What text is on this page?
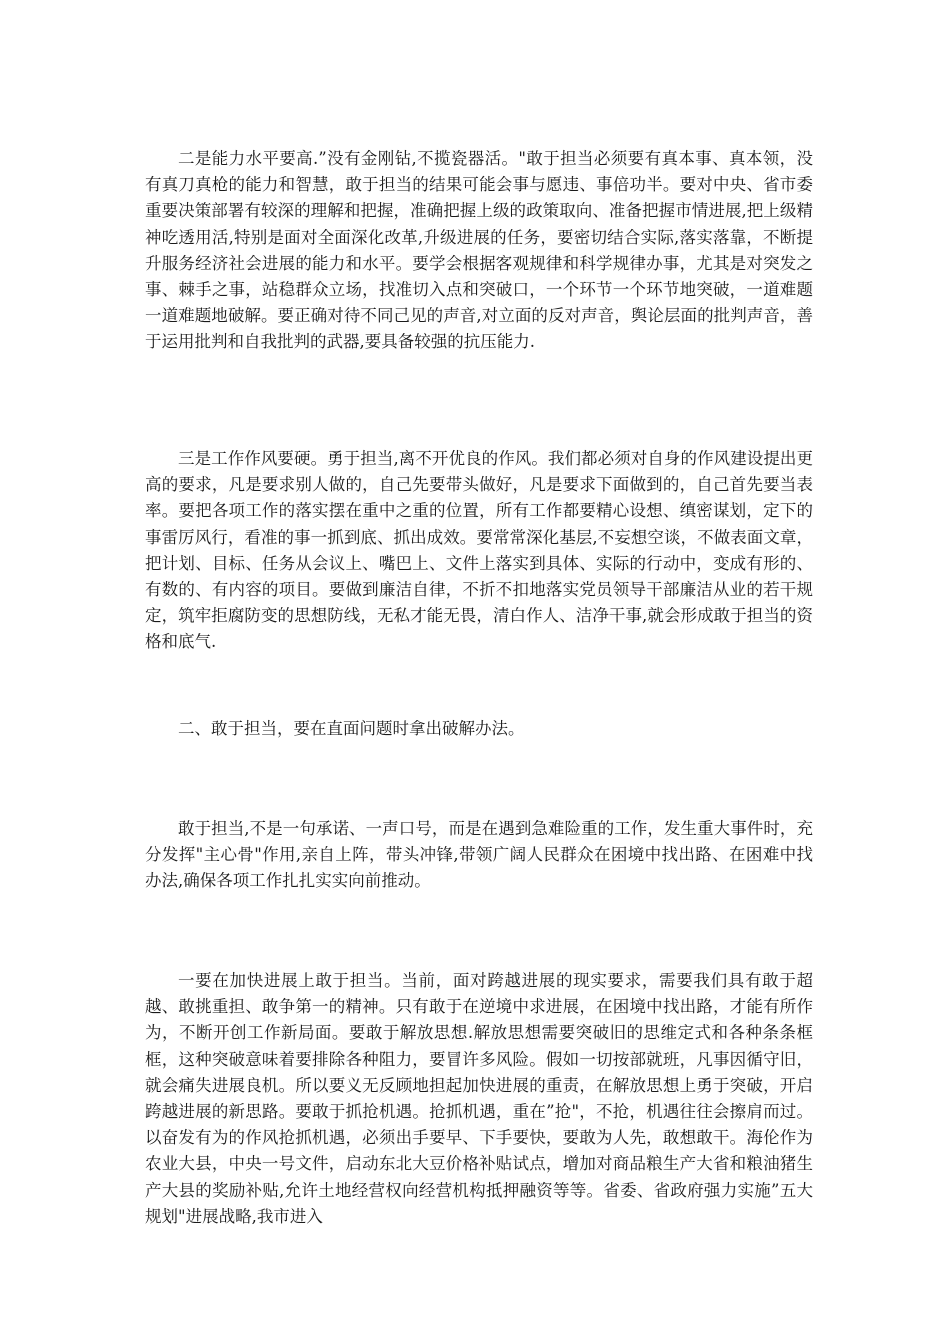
二是能力水平要高.”没有金刚钻,不揽瓷器活。"敢于担当必须要有真本事、真本领，没有真刀真枪的能力和智慧，敢于担当的结果可能会事与愿违、事倍功半。要对中央、省市委重要决策部署有较深的理解和把握，准确把握上级的政策取向、准备把握市情进展,把上级精神吃透用活,特别是面对全面深化改革,升级进展的任务，要密切结合实际,落实落靠，不断提升服务经济社会进展的能力和水平。要学会根据客观规律和科学规律办事，尤其是对突发之事、棘手之事，站稳群众立场，找准切入点和突破口，一个环节一个环节地突破，一道难题一道难题地破解。要正确对待不同己见的声音,对立面的反对声音，舆论层面的批判声音，善于运用批判和自我批判的武器,要具备较强的抗压能力.

三是工作作风要硬。勇于担当,离不开优良的作风。我们都必须对自身的作风建设提出更高的要求，凡是要求别人做的，自己先要带头做好，凡是要求下面做到的，自己首先要当表率。要把各项工作的落实摆在重中之重的位置，所有工作都要精心设想、缜密谋划，定下的事雷厉风行，看准的事一抓到底、抓出成效。要常常深化基层,不妄想空谈，不做表面文章，把计划、目标、任务从会议上、嘴巴上、文件上落实到具体、实际的行动中，变成有形的、有数的、有内容的项目。要做到廉洁自律，不折不扣地落实党员领导干部廉洁从业的若干规定，筑牢拒腐防变的思想防线，无私才能无畏，清白作人、洁净干事,就会形成敢于担当的资格和底气.

二、敢于担当，要在直面问题时拿出破解办法。

敢于担当,不是一句承诺、一声口号，而是在遇到急难险重的工作，发生重大事件时，充分发挥"主心骨"作用,亲自上阵，带头冲锋,带领广阔人民群众在困境中找出路、在困难中找办法,确保各项工作扎扎实实向前推动。

一要在加快进展上敢于担当。当前，面对跨越进展的现实要求，需要我们具有敢于超越、敢挑重担、敢争第一的精神。只有敢于在逆境中求进展，在困境中找出路，才能有所作为，不断开创工作新局面。要敢于解放思想.解放思想需要突破旧的思维定式和各种条条框框，这种突破意味着要排除各种阻力，要冒许多风险。假如一切按部就班，凡事因循守旧，就会痛失进展良机。所以要义无反顾地担起加快进展的重责，在解放思想上勇于突破，开启跨越进展的新思路。要敢于抓抢机遇。抢抓机遇，重在”抢"，不抢，机遇往往会擦肩而过。以奋发有为的作风抢抓机遇，必须出手要早、下手要快，要敢为人先，敢想敢干。海伦作为农业大县，中央一号文件，启动东北大豆价格补贴试点，增加对商品粮生产大省和粮油猪生产大县的奖励补贴,允许土地经营权向经营机构抵押融资等等。省委、省政府强力实施”五大规划"进展战略,我市进入
